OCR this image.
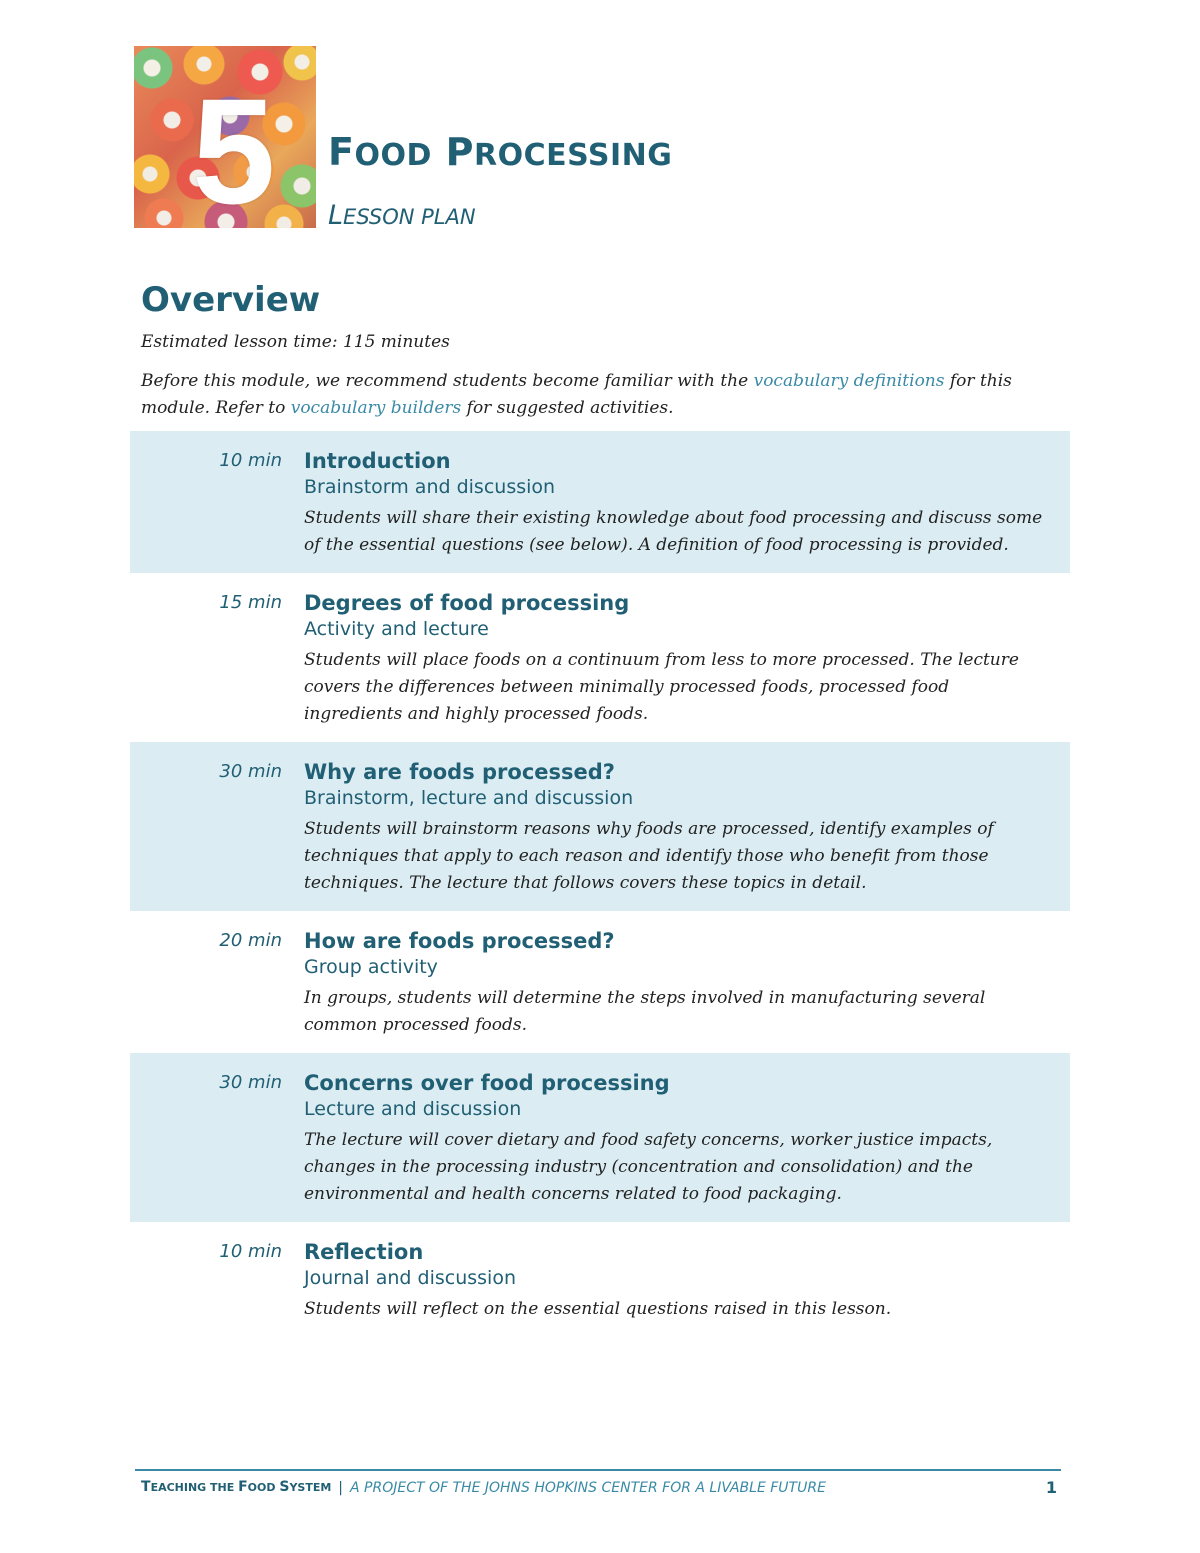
5 FOOD PROCESSING
LESSON PLAN
Overview
Estimated lesson time: 115 minutes
Before this module, we recommend students become familiar with the vocabulary definitions for this module. Refer to vocabulary builders for suggested activities.
10 min	Introduction
Brainstorm and discussion
Students will share their existing knowledge about food processing and discuss some of the essential questions (see below). A definition of food processing is provided.
15 min	Degrees of food processing
Activity and lecture
Students will place foods on a continuum from less to more processed. The lecture covers the differences between minimally processed foods, processed food ingredients and highly processed foods.
30 min	Why are foods processed?
Brainstorm, lecture and discussion
Students will brainstorm reasons why foods are processed, identify examples of techniques that apply to each reason and identify those who benefit from those techniques. The lecture that follows covers these topics in detail.
20 min	How are foods processed?
Group activity
In groups, students will determine the steps involved in manufacturing several common processed foods.
30 min	Concerns over food processing
Lecture and discussion
The lecture will cover dietary and food safety concerns, worker justice impacts, changes in the processing industry (concentration and consolidation) and the environmental and health concerns related to food packaging.
10 min	Reflection
Journal and discussion
Students will reflect on the essential questions raised in this lesson.
TEACHING THE FOOD SYSTEM | A PROJECT OF THE JOHNS HOPKINS CENTER FOR A LIVABLE FUTURE	1
